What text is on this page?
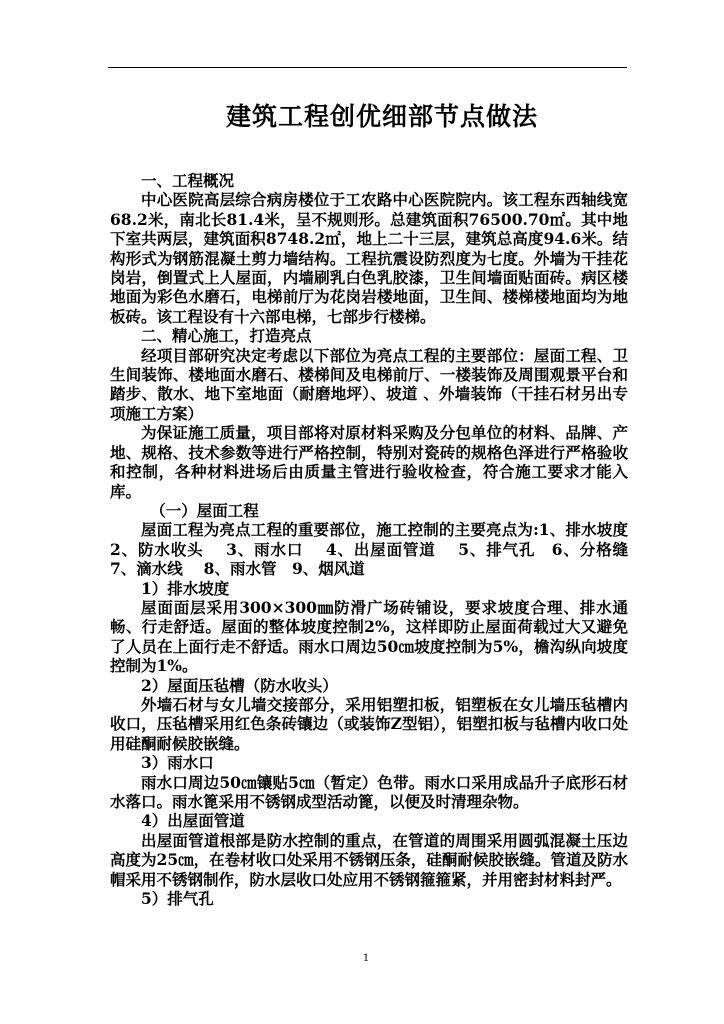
建筑工程创优细部节点做法

一、工程概况

中心医院高层综合病房楼位于工农路中心医院院内。该工程东西轴线宽68.2米，南北长81.4米，呈不规则形。总建筑面积76500.70㎡。其中地下室共两层，建筑面积8748.2㎡，地上二十三层，建筑总高度94.6米。结构形式为钢筋混凝土剪力墙结构。工程抗震设防烈度为七度。外墙为干挂花岗岩，倒置式上人屋面，内墙刷乳白色乳胶漆，卫生间墙面贴面砖。病区楼地面为彩色水磨石，电梯前厅为花岗岩楼地面，卫生间、楼梯楼地面均为地板砖。该工程设有十六部电梯，七部步行楼梯。

二、精心施工，打造亮点

经项目部研究决定考虑以下部位为亮点工程的主要部位：屋面工程、卫生间装饰、楼地面水磨石、楼梯间及电梯前厅、一楼装饰及周围观景平台和踏步、散水、地下室地面（耐磨地坪）、坡道 、外墙装饰（干挂石材另出专项施工方案）

为保证施工质量，项目部将对原材料采购及分包单位的材料、品牌、产地、规格、技术参数等进行严格控制，特别对瓷砖的规格色泽进行严格验收和控制，各种材料进场后由质量主管进行验收检查，符合施工要求才能入库。

（一）屋面工程

屋面工程为亮点工程的重要部位，施工控制的主要亮点为:1、排水坡度　 2、防水收头　 3、雨水口　 4、出屋面管道　 5、排气孔　6、分格缝　7、滴水线　 8、雨水管　9、烟风道

1）排水坡度

屋面面层采用300×300㎜防滑广场砖铺设，要求坡度合理、排水通畅、行走舒适。屋面的整体坡度控制2%，这样即防止屋面荷载过大又避免了人员在上面行走不舒适。雨水口周边50㎝坡度控制为5%，檐沟纵向坡度控制为1%。

2）屋面压毡槽（防水收头）

外墙石材与女儿墙交接部分，采用铝塑扣板，铝塑板在女儿墙压毡槽内收口，压毡槽采用红色条砖镶边（或装饰Z型铝），铝塑扣板与毡槽内收口处用硅酮耐候胶嵌缝。

3）雨水口

雨水口周边50㎝镶贴5㎝（暂定）色带。雨水口采用成品升子底形石材水落口。雨水篦采用不锈钢成型活动篦，以便及时清理杂物。

4）出屋面管道

出屋面管道根部是防水控制的重点，在管道的周围采用圆弧混凝土压边高度为25㎝，在卷材收口处采用不锈钢压条，硅酮耐候胶嵌缝。管道及防水帽采用不锈钢制作，防水层收口处应用不锈钢箍箍紧，并用密封材料封严。

5）排气孔

1
